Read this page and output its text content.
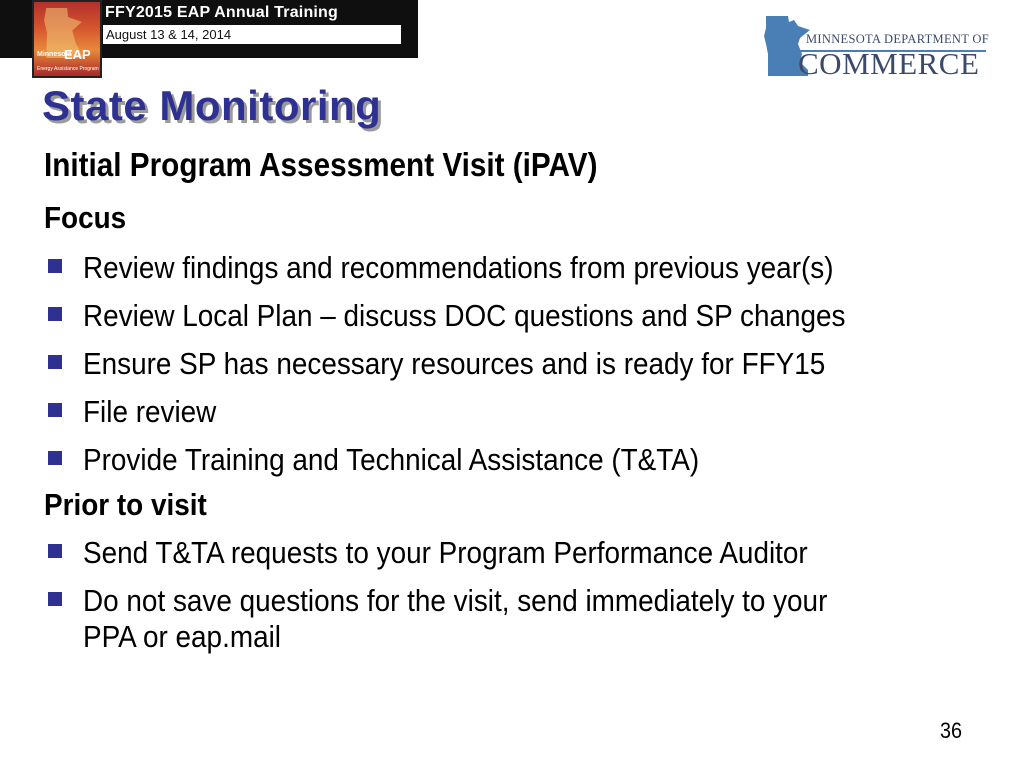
FFY2015 EAP Annual Training
August 13 & 14, 2014
Minnesota
EAP
Energy Assistance Program
MINNESOTA DEPARTMENT OF
COMMERCE
State Monitoring
Initial Program Assessment Visit (iPAV)
Focus
Review findings and recommendations from previous year(s)
Review Local Plan – discuss DOC questions and SP changes
Ensure SP has necessary resources and is ready for FFY15
File review
Provide Training and Technical Assistance (T&TA)
Prior to visit
Send T&TA requests to your Program Performance Auditor
Do not save questions for the visit, send immediately to your
PPA or eap.mail
36
